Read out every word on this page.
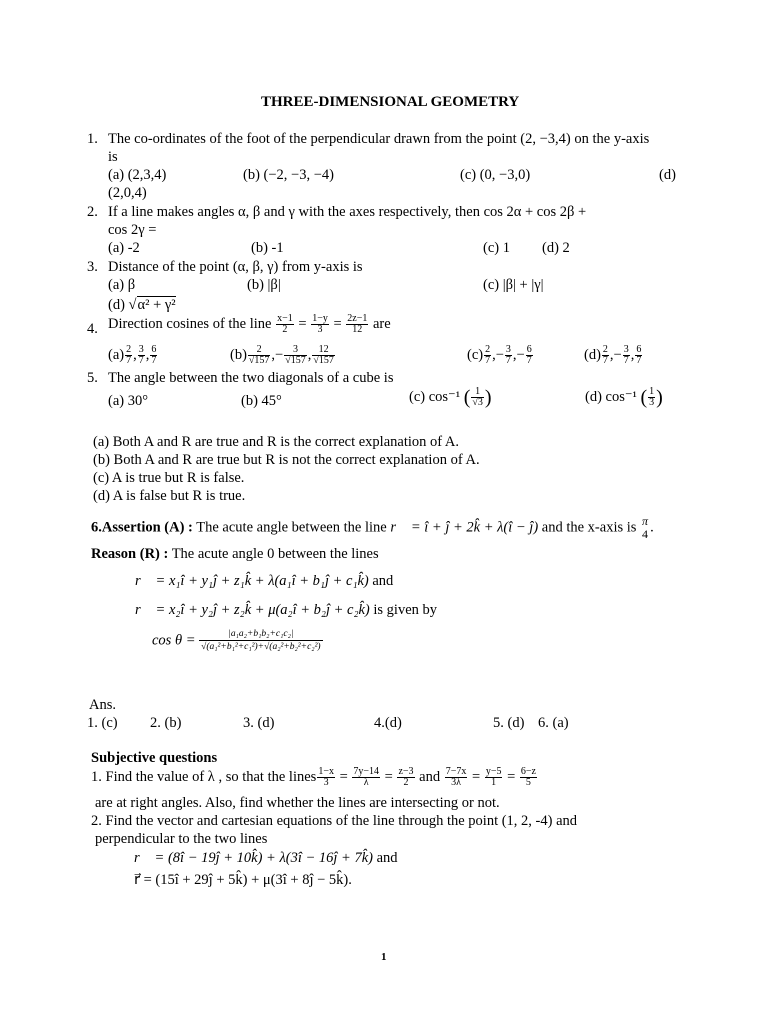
THREE-DIMENSIONAL GEOMETRY
1. The co-ordinates of the foot of the perpendicular drawn from the point (2, −3,4) on the y-axis
is
(a) (2,3,4)	(b) (−2, −3, −4)	(c) (0, −3,0)	(d)
(2,0,4)
2. If a line makes angles α, β and γ with the axes respectively, then cos 2α + cos 2β +
cos 2γ =
(a) -2	(b) -1	(c) 1 (d) 2
3. Distance of the point (α, β, γ) from y-axis is
(a) β	(b) |β|	(c) |β| + |γ|
(d) √α² + γ²
4. Direction cosines of the line $\frac{x-1}{2} = \frac{1-y}{3} = \frac{2z-1}{12}$ are
$(a) \frac{2}{7}$ , $\frac{3}{7}$ , $\frac{6}{7}$	$(b) \frac{2}{√157}$ ,− $\frac{3}{√157}$ , $\frac{12}{√157}$	$(c) \frac{2}{7}$ ,− $\frac{3}{7}$ ,− $\frac{6}{7}$	$(d) \frac{2}{7}$ ,− $\frac{3}{7}$ , $\frac{6}{7}$
5. The angle between the two diagonals of a cube is
(a) 30°	(b) 45°	(c) cos⁻¹ ( $\frac{1}{√3}$ )	(d) cos⁻¹ ( $\frac{1}{3}$ )
(a) Both A and R are true and R is the correct explanation of A.
(b) Both A and R are true but R is not the correct explanation of A.
(c) A is true but R is false.
(d) A is false but R is true.
6.Assertion (A) : The acute angle between the line r⃗ = î + ĵ + 2k̂ + λ(î − ĵ) and the x-axis is π
4 .
Reason (R) : The acute angle 0 between the lines
r⃗ = x₁î + y₁ĵ + z₁k̂ + λ(a₁î + b₁ĵ + c₁k̂) and
r⃗ = x₂î + y₂ĵ + z₂k̂ + μ(a₂î + b₂ĵ + c₂k̂) is given by
$\cos \theta = \frac{\text{|a₁a₂+b₁b₂+c₁c₂|}}{\text{√(a₁²+b₁²+c₁²)+√(a₂²+b₂²+c₂²)}}$
Ans.
1. (c) 2. (b)	3. (d)	4.(d)	5. (d) 6. (a)
Subjective questions
1. Find the value of λ , so that the lines $\frac{1-x}{3} = \frac{7y-14}{\lambda} = \frac{z-3}{2}$ and $\frac{7-7x}{3\lambda} = \frac{y-5}{1} = \frac{6-z}{5}$
are at right angles. Also, find whether the lines are intersecting or not.
2. Find the vector and cartesian equations of the line through the point (1, 2, -4) and
perpendicular to the two lines
r⃗ = (8î − 19ĵ + 10k̂) + λ(3î − 16ĵ + 7k̂) and
r⃗ = (15î + 29ĵ + 5k̂) + μ(3î + 8ĵ − 5k̂).
1
